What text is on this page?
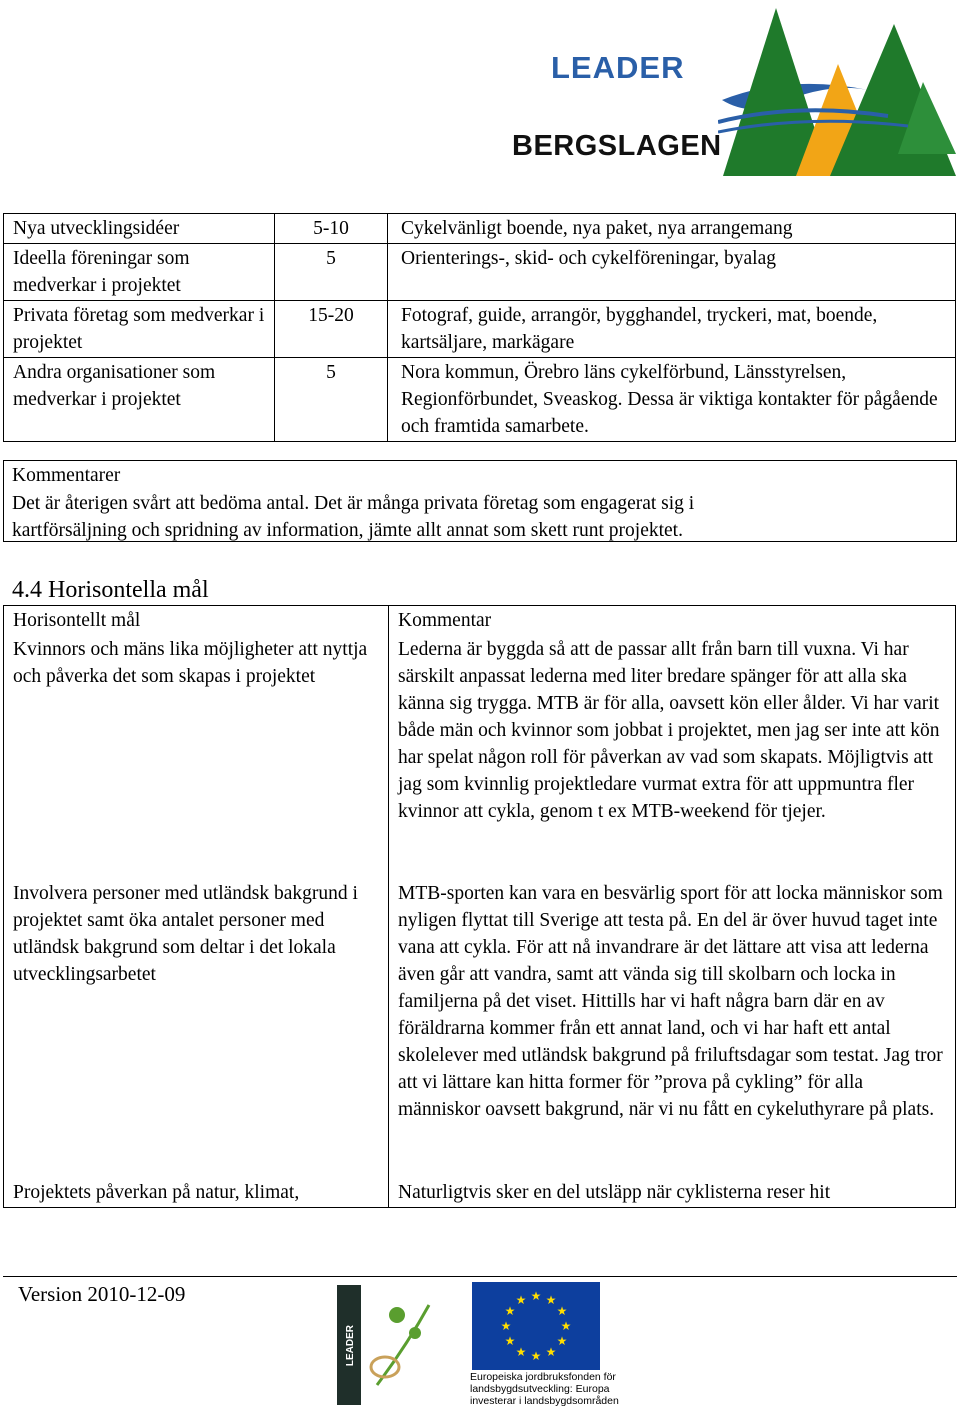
LEADER
BERGSLAGEN
Nya utvecklingsidéer	5-10	Cykelvänligt boende, nya paket, nya arrangemang
Ideella föreningar som medverkar i projektet	5	Orienterings-, skid- och cykelföreningar, byalag
Privata företag som medverkar i projektet	15-20	Fotograf, guide, arrangör, bygghandel, tryckeri, mat, boende, kartsäljare, markägare
Andra organisationer som medverkar i projektet	5	Nora kommun, Örebro läns cykelförbund, Länsstyrelsen, Regionförbundet, Sveaskog. Dessa är viktiga kontakter för pågående och framtida samarbete.
Kommentarer
Det är återigen svårt att bedöma antal. Det är många privata företag som engagerat sig i
kartförsäljning och spridning av information, jämte allt annat som skett runt projektet.
4.4 Horisontella mål
Horisontellt mål	Kommentar
Kvinnors och mäns lika möjligheter att nyttja och påverka det som skapas i projektet	Lederna är byggda så att de passar allt från barn till vuxna. Vi har särskilt anpassat lederna med liter bredare spänger för att alla ska känna sig trygga. MTB är för alla, oavsett kön eller ålder. Vi har varit både män och kvinnor som jobbat i projektet, men jag ser inte att kön har spelat någon roll för påverkan av vad som skapats. Möjligtvis att jag som kvinnlig projektledare vurmat extra för att uppmuntra fler kvinnor att cykla, genom t ex MTB-weekend för tjejer.
Involvera personer med utländsk bakgrund i projektet samt öka antalet personer med utländsk bakgrund som deltar i det lokala utvecklingsarbetet	MTB-sporten kan vara en besvärlig sport för att locka människor som nyligen flyttat till Sverige att testa på. En del är över huvud taget inte vana att cykla. För att nå invandrare är det lättare att visa att lederna även går att vandra, samt att vända sig till skolbarn och locka in familjerna på det viset. Hittills har vi haft några barn där en av föräldrarna kommer från ett annat land, och vi har haft ett antal skolelever med utländsk bakgrund på friluftsdagar som testat. Jag tror att vi lättare kan hitta former för ”prova på cykling” för alla människor oavsett bakgrund, när vi nu fått en cykeluthyrare på plats.
Projektets påverkan på natur, klimat,	Naturligtvis sker en del utsläpp när cyklisterna reser hit
Version 2010-12-09
LEADER	★
★
★
★
★
★
★
★
★ ★ ★
★
Europeiska jordbruksfonden för
landsbygdsutveckling: Europa
investerar i landsbygdsområden
